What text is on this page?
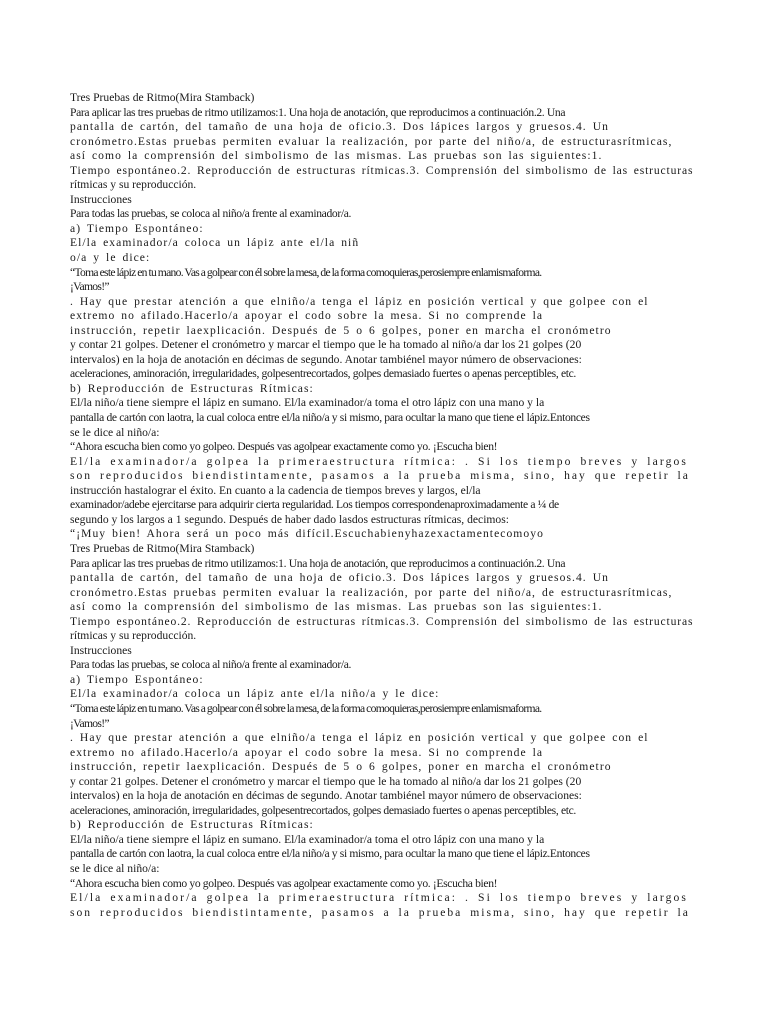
Tres Pruebas de Ritmo(Mira Stamback)
Para aplicar las tres pruebas de ritmo utilizamos:1. Una hoja de anotación, que reproducimos a continuación.2. Una
pantalla de cartón, del tamaño de una hoja de oficio.3. Dos lápices largos y gruesos.4. Un
cronómetro.Estas pruebas permiten evaluar la realización, por parte del niño/a, de estructurasrítmicas,
así como la comprensión del simbolismo de las mismas. Las pruebas son las siguientes:1.
Tiempo espontáneo.2. Reproducción de estructuras rítmicas.3. Comprensión del simbolismo de las estructuras
rítmicas y su reproducción.
Instrucciones
Para todas las pruebas, se coloca al niño/a frente al examinador/a.
a) Tiempo Espontáneo:
El/la examinador/a coloca un lápiz ante el/la niñ
o/a y le dice:
“Toma este lápiz en tu mano. Vas a golpear con él sobre la mesa, de la forma comoquieras,perosiempre enlamismaforma.
¡Vamos!”
. Hay que prestar atención a que elniño/a tenga el lápiz en posición vertical y que golpee con el
extremo no afilado.Hacerlo/a apoyar el codo sobre la mesa. Si no comprende la
instrucción, repetir laexplicación. Después de 5 o 6 golpes, poner en marcha el cronómetro
y contar 21 golpes. Detener el cronómetro y marcar el tiempo que le ha tomado al niño/a dar los 21 golpes (20
intervalos) en la hoja de anotación en décimas de segundo. Anotar tambiénel mayor número de observaciones:
aceleraciones, aminoración, irregularidades, golpesentrecortados, golpes demasiado fuertes o apenas perceptibles, etc.
b) Reproducción de Estructuras Rítmicas:
El/la niño/a tiene siempre el lápiz en sumano. El/la examinador/a toma el otro lápiz con una mano y la
pantalla de cartón con laotra, la cual coloca entre el/la niño/a y si mismo, para ocultar la mano que tiene el lápiz.Entonces
se le dice al niño/a:
“Ahora escucha bien como yo golpeo. Después vas agolpear exactamente como yo. ¡Escucha bien!
El/la examinador/a golpea la primeraestructura rítmica: . Si los tiempo breves y largos
son reproducidos biendistintamente, pasamos a la prueba misma, sino, hay que repetir la
instrucción hastalograr el éxito. En cuanto a la cadencia de tiempos breves y largos, el/la
examinador/adebe ejercitarse para adquirir cierta regularidad. Los tiempos correspondenaproximadamente a ¼ de
segundo y los largos a 1 segundo. Después de haber dado lasdos estructuras rítmicas, decimos:
“¡Muy bien! Ahora será un poco más difícil.Escuchabienyhazexactamentecomoyo
Tres Pruebas de Ritmo(Mira Stamback)
Para aplicar las tres pruebas de ritmo utilizamos:1. Una hoja de anotación, que reproducimos a continuación.2. Una
pantalla de cartón, del tamaño de una hoja de oficio.3. Dos lápices largos y gruesos.4. Un
cronómetro.Estas pruebas permiten evaluar la realización, por parte del niño/a, de estructurasrítmicas,
así como la comprensión del simbolismo de las mismas. Las pruebas son las siguientes:1.
Tiempo espontáneo.2. Reproducción de estructuras rítmicas.3. Comprensión del simbolismo de las estructuras
rítmicas y su reproducción.
Instrucciones
Para todas las pruebas, se coloca al niño/a frente al examinador/a.
a) Tiempo Espontáneo:
El/la examinador/a coloca un lápiz ante el/la niño/a y le dice:
“Toma este lápiz en tu mano. Vas a golpear con él sobre la mesa, de la forma comoquieras,perosiempre enlamismaforma.
¡Vamos!”
. Hay que prestar atención a que elniño/a tenga el lápiz en posición vertical y que golpee con el
extremo no afilado.Hacerlo/a apoyar el codo sobre la mesa. Si no comprende la
instrucción, repetir laexplicación. Después de 5 o 6 golpes, poner en marcha el cronómetro
y contar 21 golpes. Detener el cronómetro y marcar el tiempo que le ha tomado al niño/a dar los 21 golpes (20
intervalos) en la hoja de anotación en décimas de segundo. Anotar tambiénel mayor número de observaciones:
aceleraciones, aminoración, irregularidades, golpesentrecortados, golpes demasiado fuertes o apenas perceptibles, etc.
b) Reproducción de Estructuras Rítmicas:
El/la niño/a tiene siempre el lápiz en sumano. El/la examinador/a toma el otro lápiz con una mano y la
pantalla de cartón con laotra, la cual coloca entre el/la niño/a y si mismo, para ocultar la mano que tiene el lápiz.Entonces
se le dice al niño/a:
“Ahora escucha bien como yo golpeo. Después vas agolpear exactamente como yo. ¡Escucha bien!
El/la examinador/a golpea la primeraestructura rítmica: . Si los tiempo breves y largos
son reproducidos biendistintamente, pasamos a la prueba misma, sino, hay que repetir la
